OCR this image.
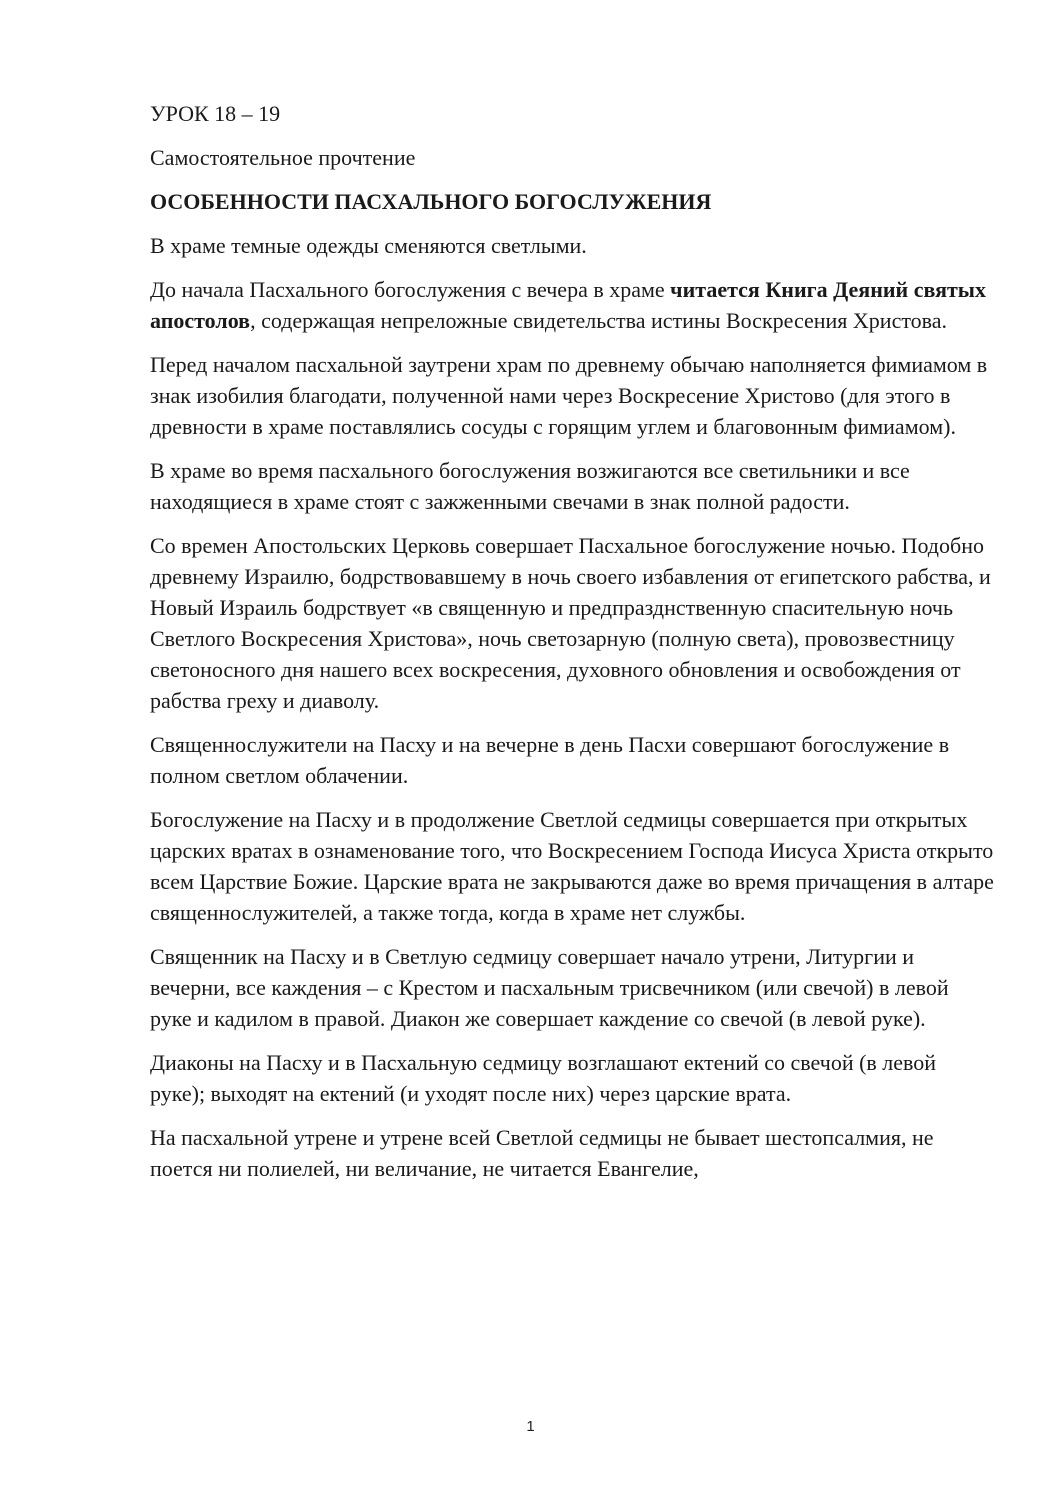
УРОК 18 – 19

Самостоятельное прочтение

ОСОБЕННОСТИ ПАСХАЛЬНОГО БОГОСЛУЖЕНИЯ

В храме темные одежды сменяются светлыми.

До начала Пасхального богослужения с вечера в храме читается Книга Деяний святых апостолов, содержащая непреложные свидетельства истины Воскресения Христова.

Перед началом пасхальной заутрени храм по древнему обычаю наполняется фимиамом в знак изобилия благодати, полученной нами через Воскресение Христово (для этого в древности в храме поставлялись сосуды с горящим углем и благовонным фимиамом).

В храме во время пасхального богослужения возжигаются все светильники и все находящиеся в храме стоят с зажженными свечами в знак полной радости.

Со времен Апостольских Церковь совершает Пасхальное богослужение ночью. Подобно древнему Израилю, бодрствовавшему в ночь своего избавления от египетского рабства, и Новый Израиль бодрствует «в священную и предпразднственную спасительную ночь Светлого Воскресения Христова», ночь светозарную (полную света), провозвестницу светоносного дня нашего всех воскресения, духовного обновления и освобождения от рабства греху и диаволу.

Священнослужители на Пасху и на вечерне в день Пасхи совершают богослужение в полном светлом облачении.

Богослужение на Пасху и в продолжение Светлой седмицы совершается при открытых царских вратах в ознаменование того, что Воскресением Господа Иисуса Христа открыто всем Царствие Божие. Царские врата не закрываются даже во время причащения в алтаре священнослужителей, а также тогда, когда в храме нет службы.

Священник на Пасху и в Светлую седмицу совершает начало утрени, Литургии и вечерни, все каждения – с Крестом и пасхальным трисвечником (или свечой) в левой руке и кадилом в правой. Диакон же совершает каждение со свечой (в левой руке).

Диаконы на Пасху и в Пасхальную седмицу возглашают ектений со свечой (в левой руке); выходят на ектений (и уходят после них) через царские врата.

На пасхальной утрене и утрене всей Светлой седмицы не бывает шестопсалмия, не поется ни полиелей, ни величание, не читается Евангелие,

1
